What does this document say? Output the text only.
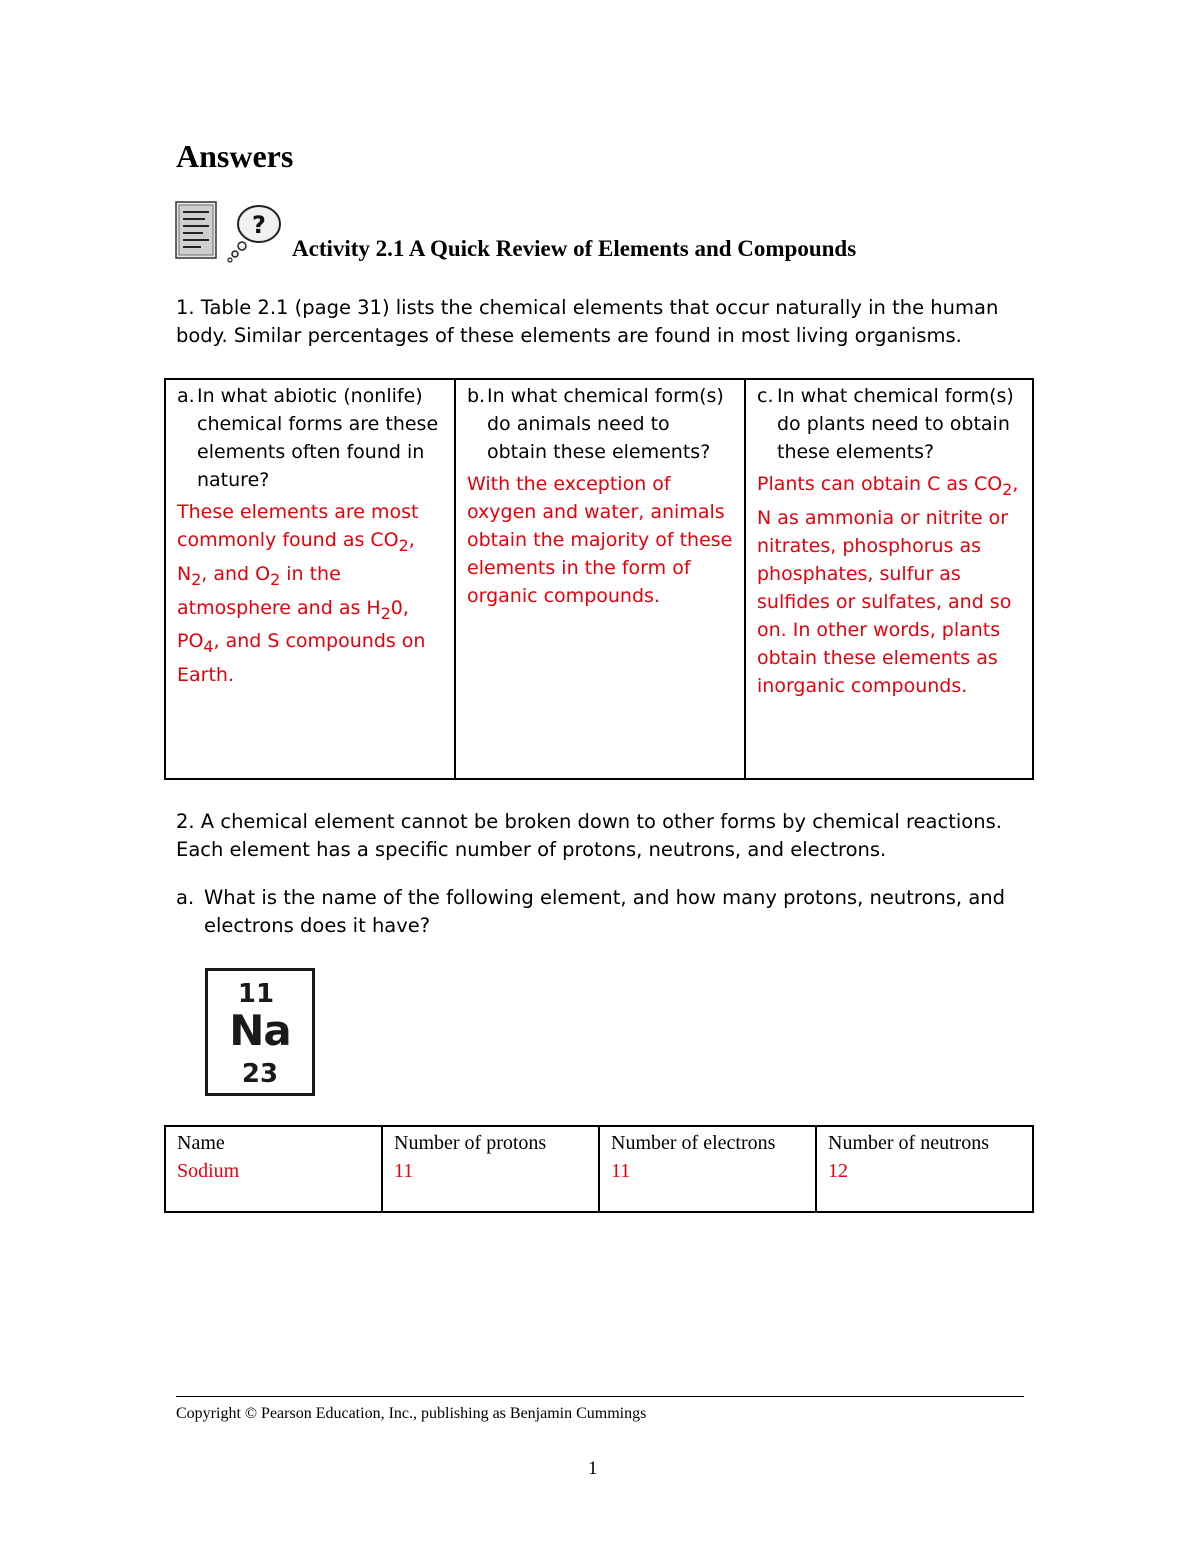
Answers
?
Activity 2.1 A Quick Review of Elements and Compounds

1. Table 2.1 (page 31) lists the chemical elements that occur naturally in the human body. Similar percentages of these elements are found in most living organisms.

a. In what abiotic (nonlife) chemical forms are these elements often found in nature?
These elements are most commonly found as $CO_2$, $N_2$, and $O_2$ in the atmosphere and as $H_20$, $PO_4$, and S compounds on Earth.
b. In what chemical form(s) do animals need to obtain these elements?
With the exception of oxygen and water, animals obtain the majority of these elements in the form of organic compounds.
c. In what chemical form(s) do plants need to obtain these elements?
Plants can obtain C as $CO_2$, N as ammonia or nitrite or nitrates, phosphorus as phosphates, sulfur as sulfides or sulfates, and so on. In other words, plants obtain these elements as inorganic compounds.

2. A chemical element cannot be broken down to other forms by chemical reactions. Each element has a specific number of protons, neutrons, and electrons.

a. What is the name of the following element, and how many protons, neutrons, and electrons does it have?
11
Na
23
Name
Sodium
Number of protons
11
Number of electrons
11
Number of neutrons
12

Copyright © Pearson Education, Inc., publishing as Benjamin Cummings

1
